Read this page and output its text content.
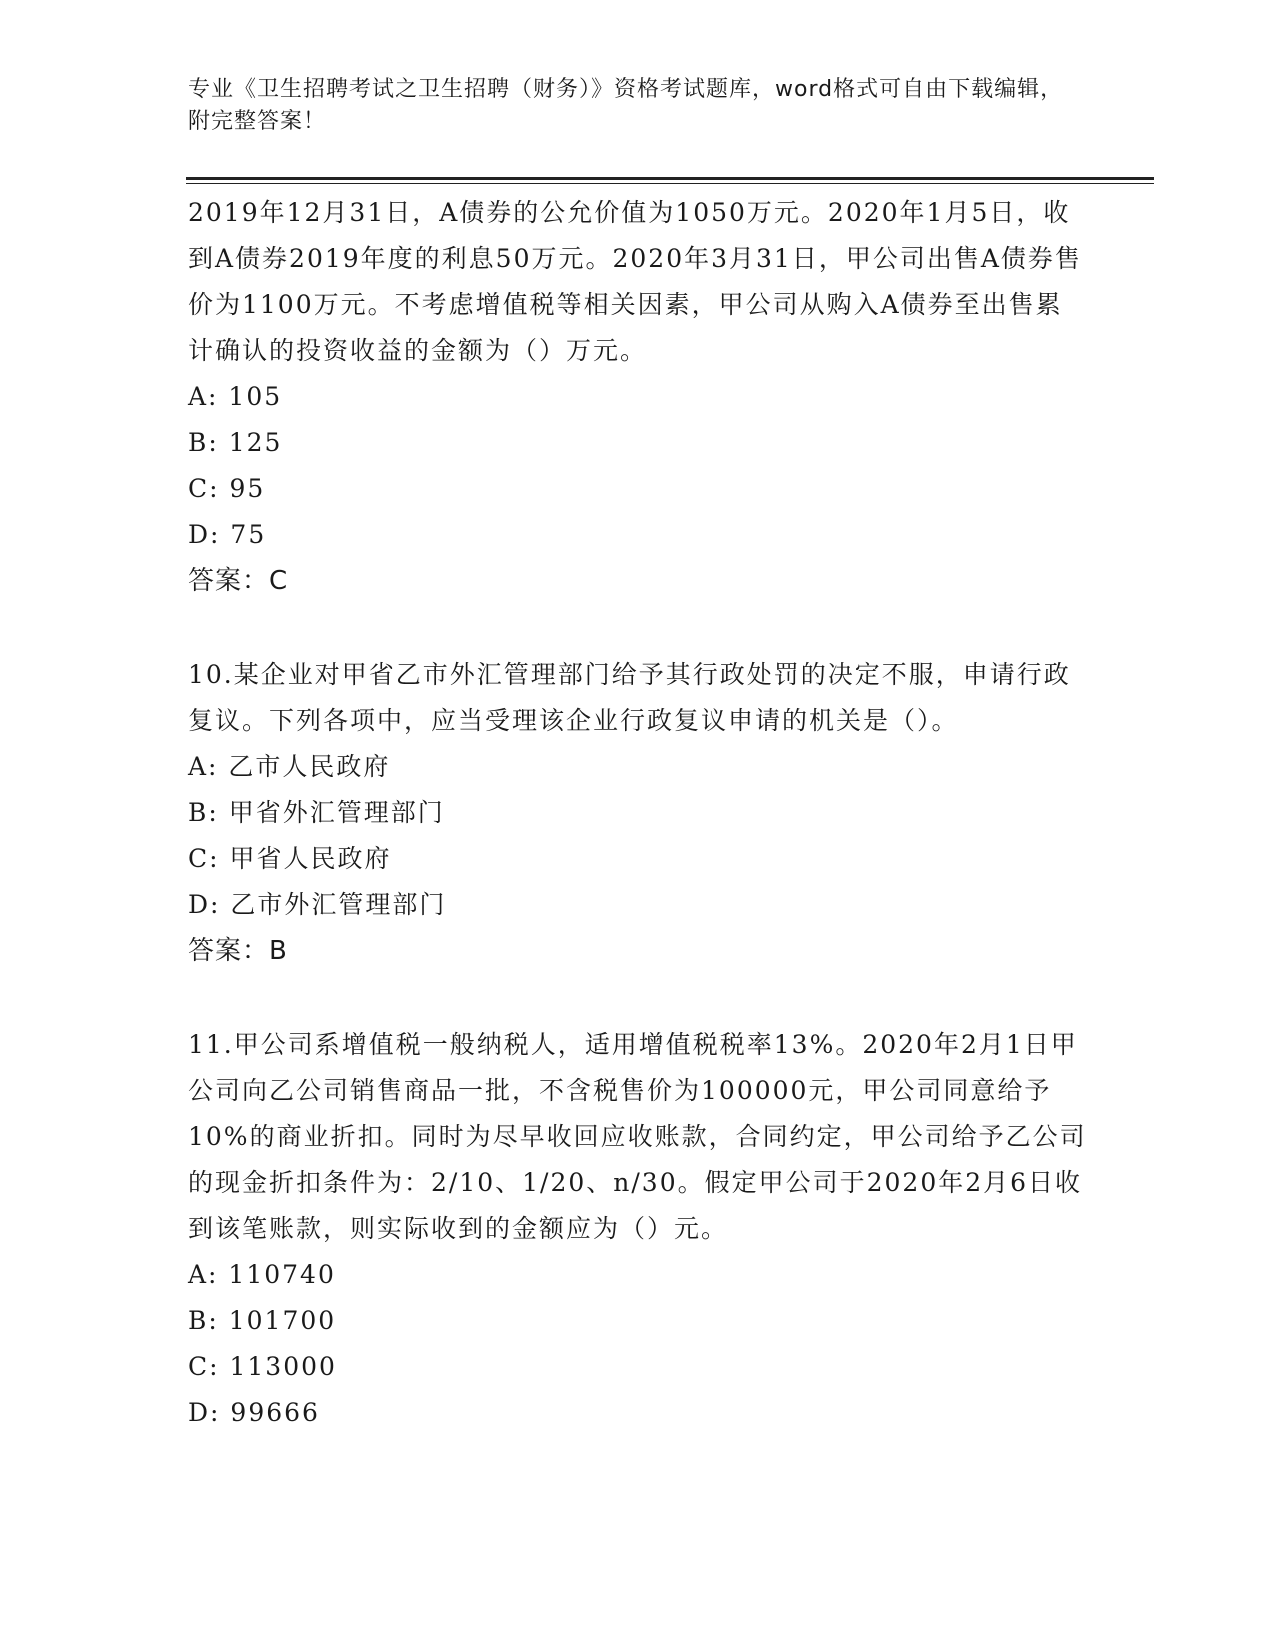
专业《卫生招聘考试之卫生招聘（财务）》资格考试题库，word格式可自由下载编辑，附完整答案！

2019年12月31日，A债券的公允价值为1050万元。2020年1月5日，收到A债券2019年度的利息50万元。2020年3月31日，甲公司出售A债券售价为1100万元。不考虑增值税等相关因素，甲公司从购入A债券至出售累计确认的投资收益的金额为（）万元。

A: 105

B: 125

C: 95

D: 75

答案：C

10.某企业对甲省乙市外汇管理部门给予其行政处罚的决定不服，申请行政复议。下列各项中，应当受理该企业行政复议申请的机关是（）。

A: 乙市人民政府

B: 甲省外汇管理部门

C: 甲省人民政府

D: 乙市外汇管理部门

答案：B

11.甲公司系增值税一般纳税人，适用增值税税率13%。2020年2月1日甲公司向乙公司销售商品一批，不含税售价为100000元，甲公司同意给予10%的商业折扣。同时为尽早收回应收账款，合同约定，甲公司给予乙公司的现金折扣条件为：2/10、1/20、n/30。假定甲公司于2020年2月6日收到该笔账款，则实际收到的金额应为（）元。

A: 110740

B: 101700

C: 113000

D: 99666
